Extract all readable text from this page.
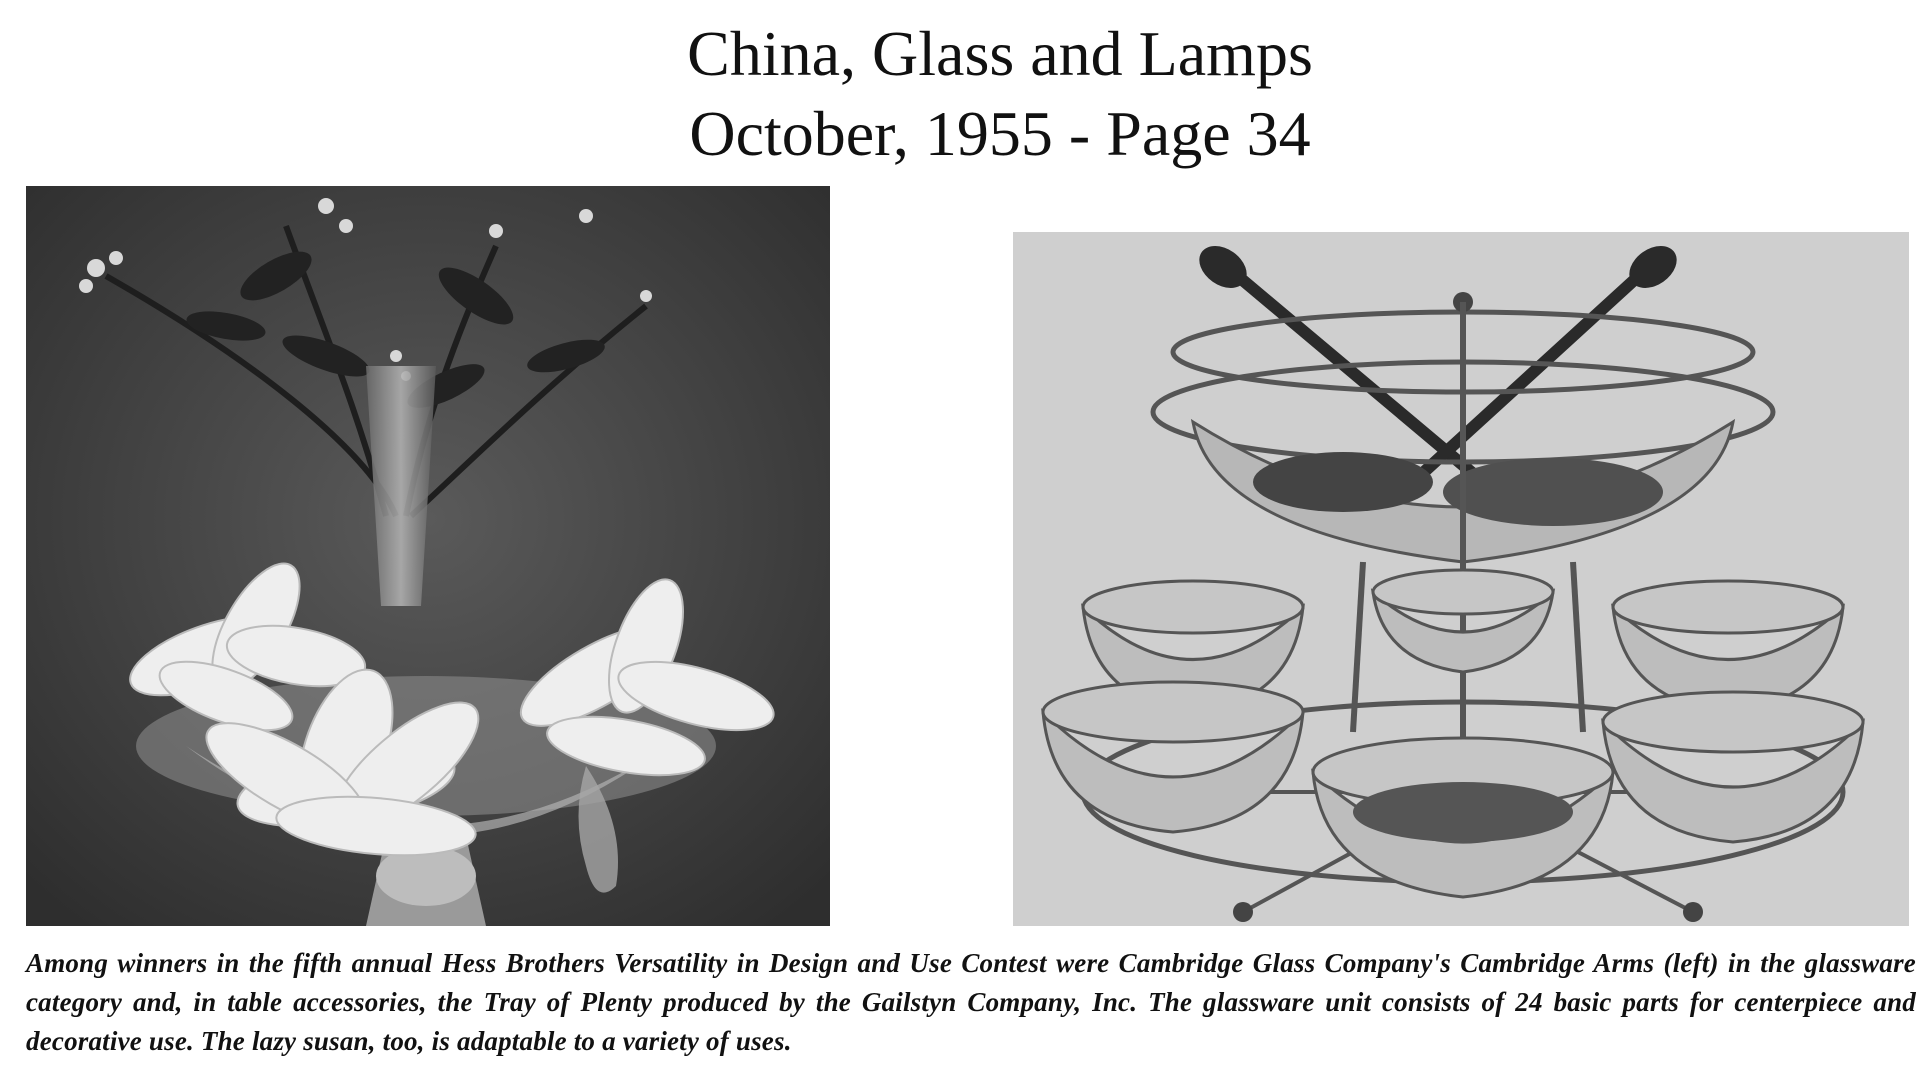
China, Glass and Lamps
October, 1955 - Page 34
Among winners in the fifth annual Hess Brothers Versatility in Design and Use Contest were Cambridge Glass Company's Cambridge Arms (left) in the glassware category and, in table accessories, the Tray of Plenty produced by the Gailstyn Company, Inc. The glassware unit consists of 24 basic parts for centerpiece and decorative use. The lazy susan, too, is adaptable to a variety of uses.
